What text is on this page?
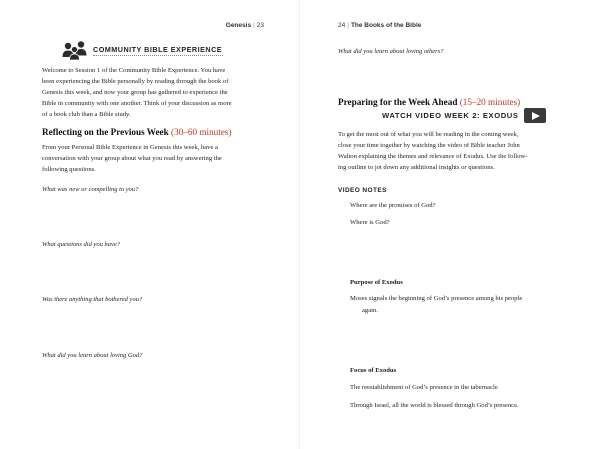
Genesis | 23
COMMUNITY BIBLE EXPERIENCE

Welcome to Session 1 of the Community Bible Experience. You have

been experiencing the Bible personally by reading through the book of

Genesis this week, and now your group has gathered to experience the

Bible in community with one another. Think of your discussion as more

of a book club than a Bible study.

Reflecting on the Previous Week (30–60 minutes)

From your Personal Bible Experience in Genesis this week, have a

conversation with your group about what you read by answering the

following questions.

What was new or compelling to you?
What questions did you have?
Was there anything that bothered you?
What did you learn about loving God?
24 | The Books of the Bible
What did you learn about loving others?
Preparing for the Week Ahead (15–20 minutes)
WATCH VIDEO WEEK 2: EXODUS

To get the most out of what you will be reading in the coming week,

close your time together by watching the video of Bible teacher John

Walton explaining the themes and relevance of Exodus. Use the follow-

ing outline to jot down any additional insights or questions.

VIDEO NOTES
Where are the promises of God?
Where is God?
Purpose of Exodus
Moses signals the beginning of God’s presence among his people
again.
Focus of Exodus
The reestablishment of God’s presence in the tabernacle
Through Israel, all the world is blessed through God’s presence.
